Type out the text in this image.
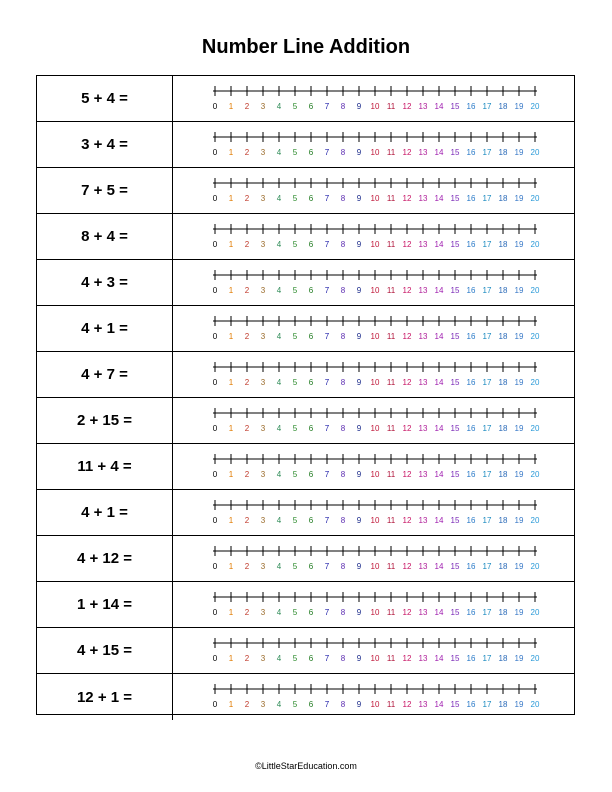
Number Line Addition
5 + 4 =	0 1 2 3 4 5 6 7 8 9 10 11 12 13 14 15 16 17 18 19 20
3 + 4 =	0 1 2 3 4 5 6 7 8 9 10 11 12 13 14 15 16 17 18 19 20
7 + 5 =	0 1 2 3 4 5 6 7 8 9 10 11 12 13 14 15 16 17 18 19 20
8 + 4 =	0 1 2 3 4 5 6 7 8 9 10 11 12 13 14 15 16 17 18 19 20
4 + 3 =	0 1 2 3 4 5 6 7 8 9 10 11 12 13 14 15 16 17 18 19 20
4 + 1 =	0 1 2 3 4 5 6 7 8 9 10 11 12 13 14 15 16 17 18 19 20
4 + 7 =	0 1 2 3 4 5 6 7 8 9 10 11 12 13 14 15 16 17 18 19 20
2 + 15 =	0 1 2 3 4 5 6 7 8 9 10 11 12 13 14 15 16 17 18 19 20
11 + 4 =	0 1 2 3 4 5 6 7 8 9 10 11 12 13 14 15 16 17 18 19 20
4 + 1 =	0 1 2 3 4 5 6 7 8 9 10 11 12 13 14 15 16 17 18 19 20
4 + 12 =	0 1 2 3 4 5 6 7 8 9 10 11 12 13 14 15 16 17 18 19 20
1 + 14 =	0 1 2 3 4 5 6 7 8 9 10 11 12 13 14 15 16 17 18 19 20
4 + 15 =	0 1 2 3 4 5 6 7 8 9 10 11 12 13 14 15 16 17 18 19 20
12 + 1 =	0 1 2 3 4 5 6 7 8 9 10 11 12 13 14 15 16 17 18 19 20
©LittleStarEducation.com
